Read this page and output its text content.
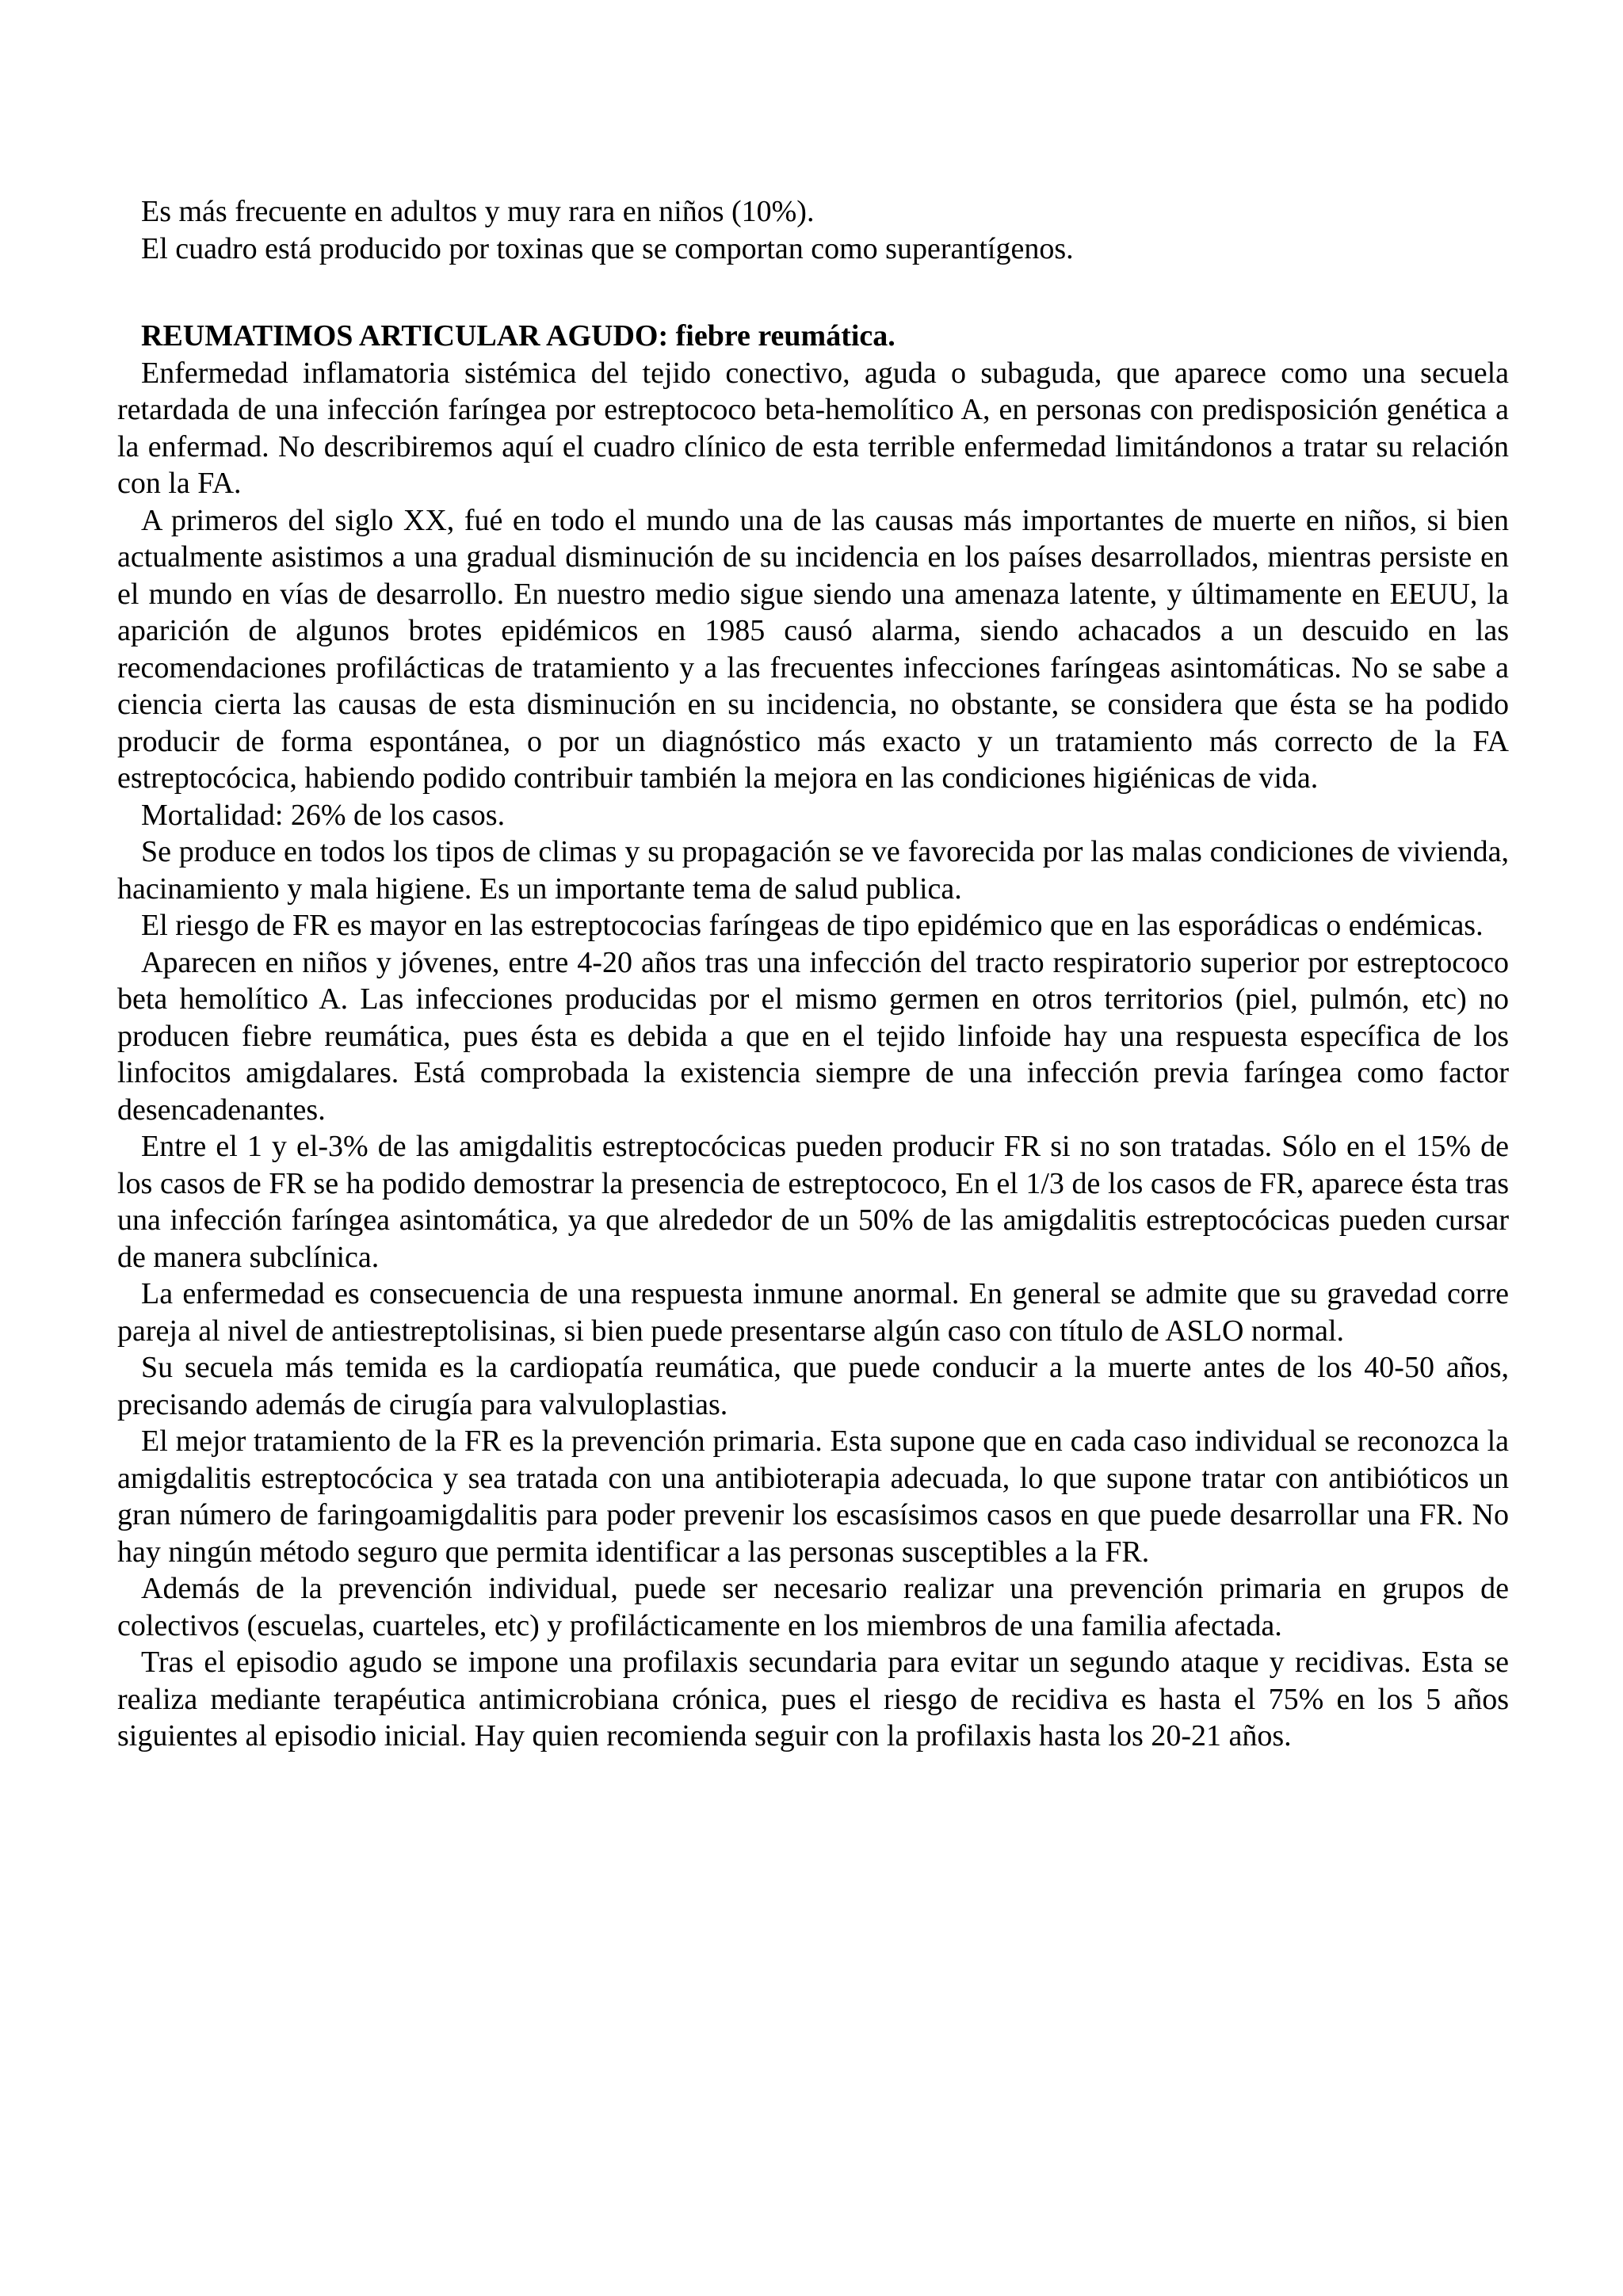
Es más frecuente en adultos y muy rara en niños (10%).
El cuadro está producido por toxinas que se comportan como superantígenos.

REUMATIMOS ARTICULAR AGUDO: fiebre reumática.

Enfermedad inflamatoria sistémica del tejido conectivo, aguda o subaguda, que aparece como una secuela retardada de una infección faríngea por estreptococo beta-hemolítico A, en personas con predisposición genética a la enfermad. No describiremos aquí el cuadro clínico de esta terrible enfermedad limitándonos a tratar su relación con la FA.

A primeros del siglo XX, fué en todo el mundo una de las causas más importantes de muerte en niños, si bien actualmente asistimos a una gradual disminución de su incidencia en los países desarrollados, mientras persiste en el mundo en vías de desarrollo. En nuestro medio sigue siendo una amenaza latente, y últimamente en EEUU, la aparición de algunos brotes epidémicos en 1985 causó alarma, siendo achacados a un descuido en las recomendaciones profilácticas de tratamiento y a las frecuentes infecciones faríngeas asintomáticas. No se sabe a ciencia cierta las causas de esta disminución en su incidencia, no obstante, se considera que ésta se ha podido producir de forma espontánea, o por un diagnóstico más exacto y un tratamiento más correcto de la FA estreptocócica, habiendo podido contribuir también la mejora en las condiciones higiénicas de vida.

Mortalidad: 26% de los casos.

Se produce en todos los tipos de climas y su propagación se ve favorecida por las malas condiciones de vivienda, hacinamiento y mala higiene. Es un importante tema de salud publica.

El riesgo de FR es mayor en las estreptococias faríngeas de tipo epidémico que en las esporádicas o endémicas.

Aparecen en niños y jóvenes, entre 4-20 años tras una infección del tracto respiratorio superior por estreptococo beta hemolítico A. Las infecciones producidas por el mismo germen en otros territorios (piel, pulmón, etc) no producen fiebre reumática, pues ésta es debida a que en el tejido linfoide hay una respuesta específica de los linfocitos amigdalares. Está comprobada la existencia siempre de una infección previa faríngea como factor desencadenantes.

Entre el 1 y el-3% de las amigdalitis estreptocócicas pueden producir FR si no son tratadas. Sólo en el 15% de los casos de FR se ha podido demostrar la presencia de estreptococo, En el 1/3 de los casos de FR, aparece ésta tras una infección faríngea asintomática, ya que alrededor de un 50% de las amigdalitis estreptocócicas pueden cursar de manera subclínica.

La enfermedad es consecuencia de una respuesta inmune anormal. En general se admite que su gravedad corre pareja al nivel de antiestreptolisinas, si bien puede presentarse algún caso con título de ASLO normal.

Su secuela más temida es la cardiopatía reumática, que puede conducir a la muerte antes de los 40-50 años, precisando además de cirugía para valvuloplastias.

El mejor tratamiento de la FR es la prevención primaria. Esta supone que en cada caso individual se reconozca la amigdalitis estreptocócica y sea tratada con una antibioterapia adecuada, lo que supone tratar con antibióticos un gran número de faringoamigdalitis para poder prevenir los escasísimos casos en que puede desarrollar una FR. No hay ningún método seguro que permita identificar a las personas susceptibles a la FR.

Además de la prevención individual, puede ser necesario realizar una prevención primaria en grupos de colectivos (escuelas, cuarteles, etc) y profilácticamente en los miembros de una familia afectada.

Tras el episodio agudo se impone una profilaxis secundaria para evitar un segundo ataque y recidivas. Esta se realiza mediante terapéutica antimicrobiana crónica, pues el riesgo de recidiva es hasta el 75% en los 5 años siguientes al episodio inicial. Hay quien recomienda seguir con la profilaxis hasta los 20-21 años.
